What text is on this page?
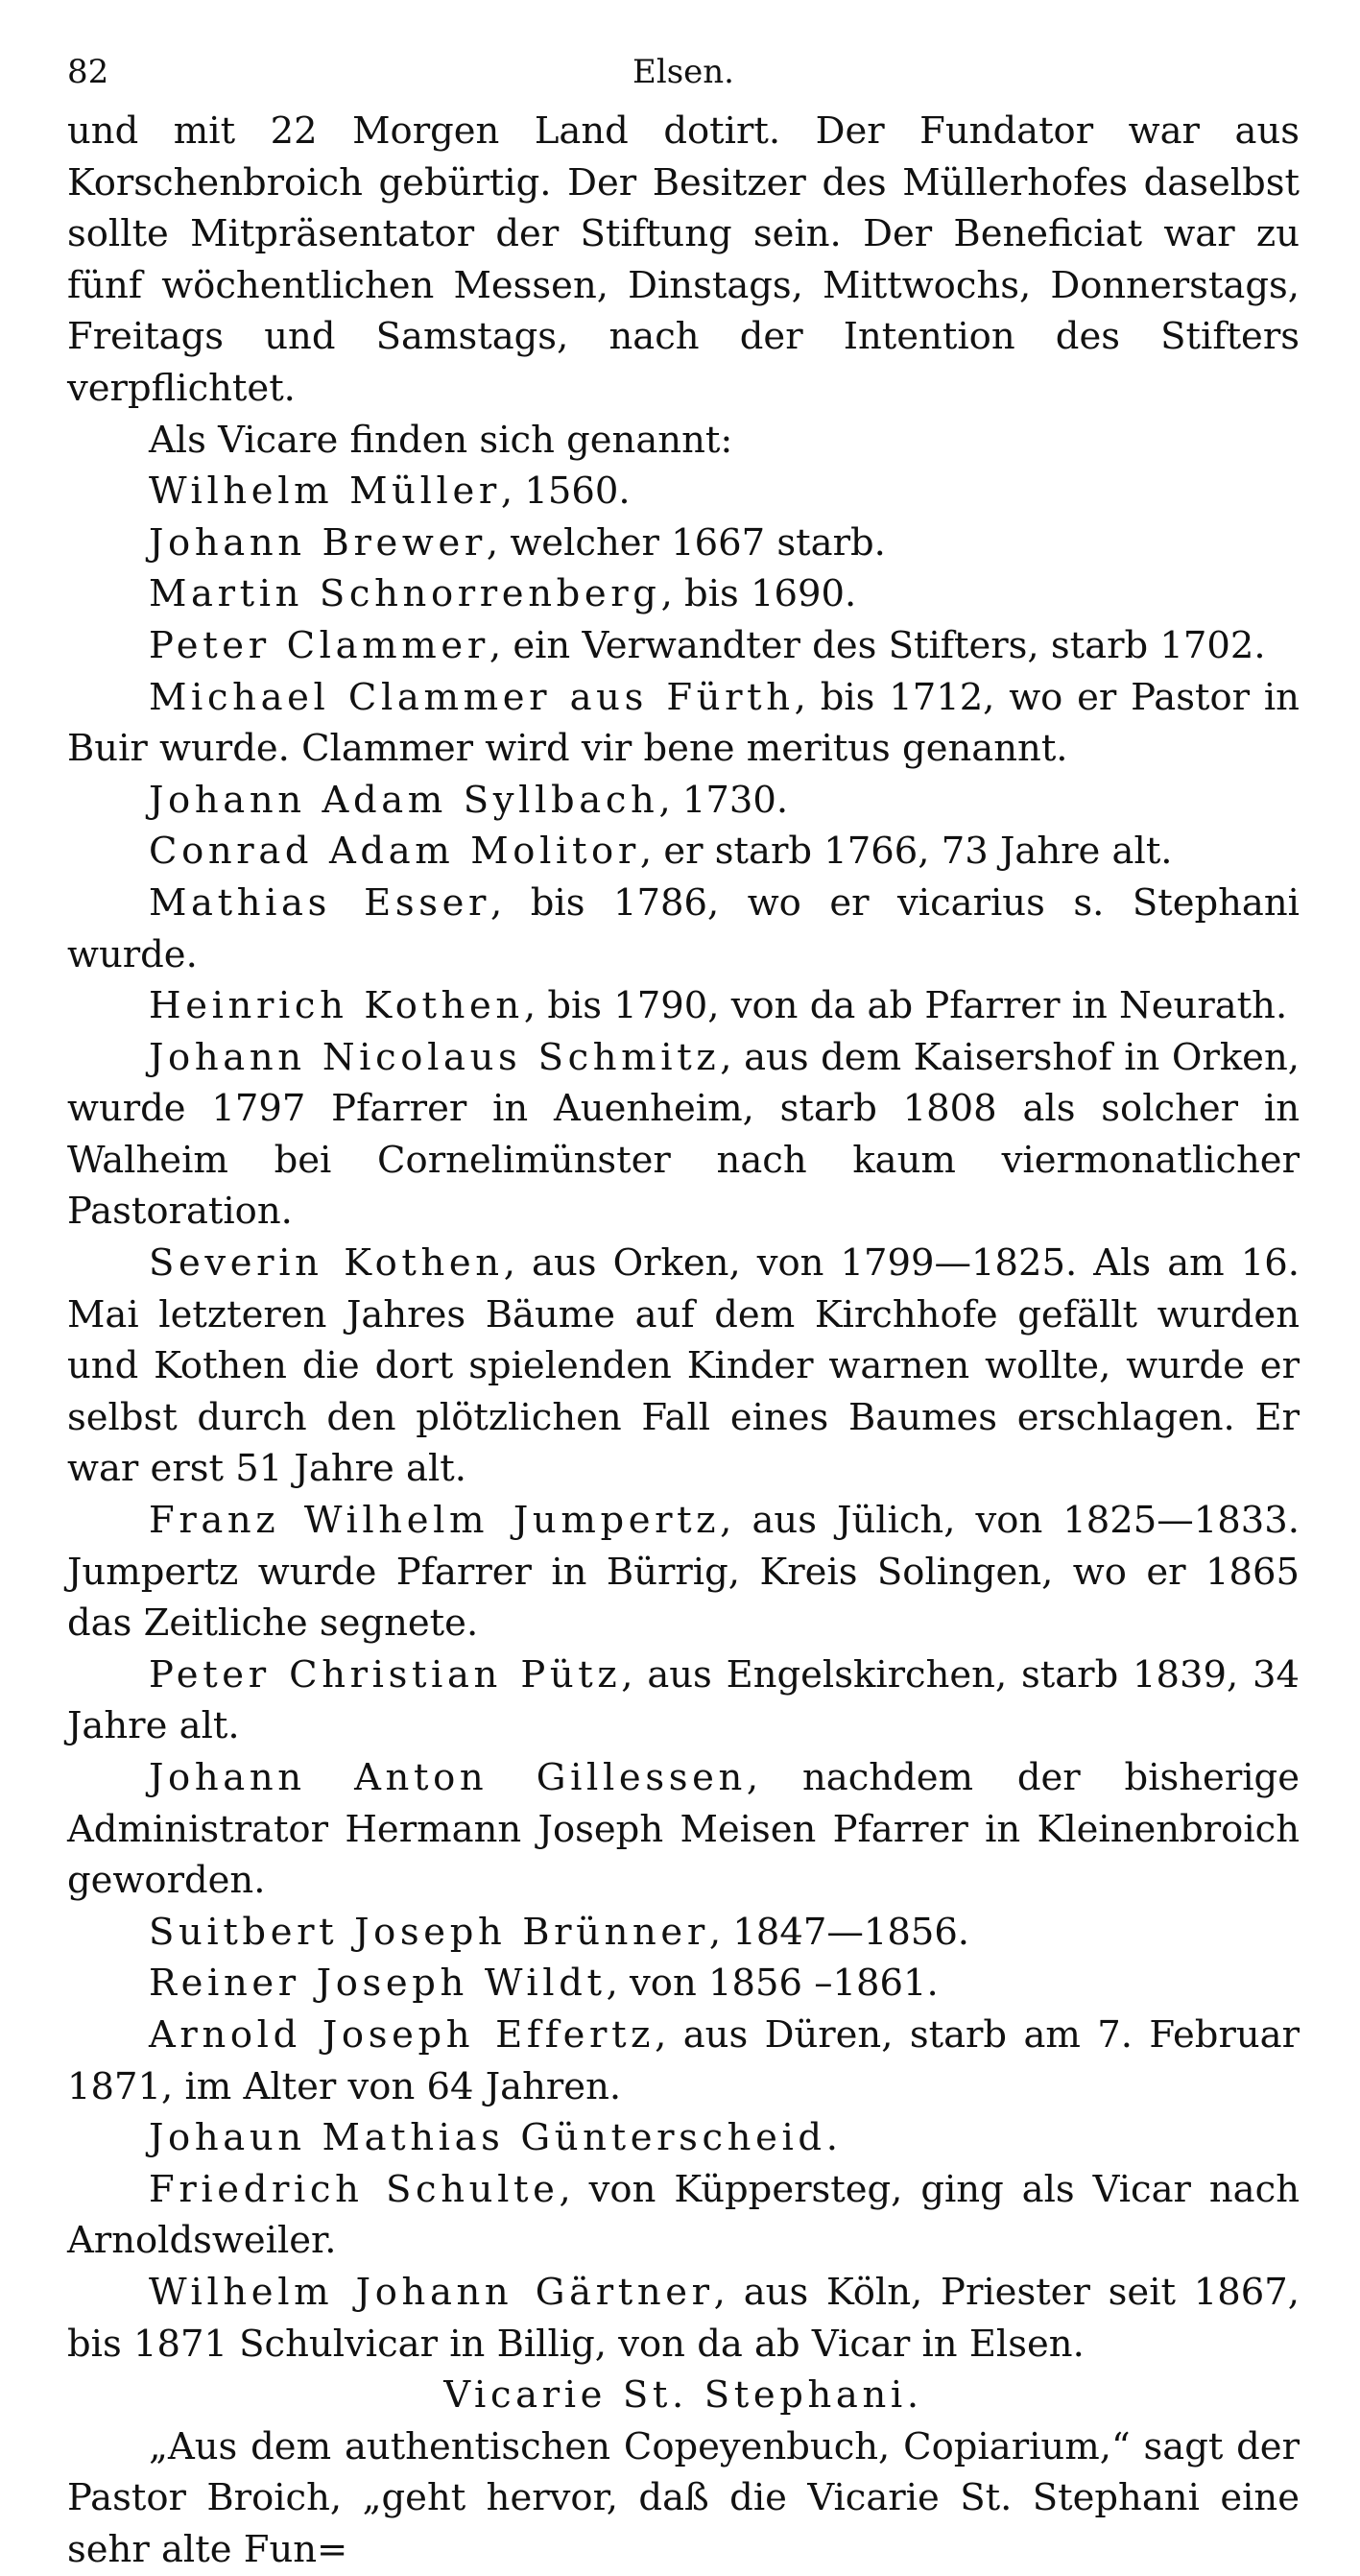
82	Elsen.

und mit 22 Morgen Land dotirt. Der Fundator war aus Korschenbroich gebürtig. Der Besitzer des Müllerhofes daselbst sollte Mitpräsentator der Stiftung sein. Der Beneficiat war zu fünf wöchentlichen Messen, Dinstags, Mittwochs, Donnerstags, Freitags und Samstags, nach der Intention des Stifters verpflichtet.

Als Vicare finden sich genannt:

Wilhelm Müller, 1560.

Johann Brewer, welcher 1667 starb.

Martin Schnorrenberg, bis 1690.

Peter Clammer, ein Verwandter des Stifters, starb 1702.

Michael Clammer aus Fürth, bis 1712, wo er Pastor in Buir wurde. Clammer wird vir bene meritus genannt.

Johann Adam Syllbach, 1730.

Conrad Adam Molitor, er starb 1766, 73 Jahre alt.

Mathias Esser, bis 1786, wo er vicarius s. Stephani wurde.

Heinrich Kothen, bis 1790, von da ab Pfarrer in Neurath.

Johann Nicolaus Schmitz, aus dem Kaisershof in Orken, wurde 1797 Pfarrer in Auenheim, starb 1808 als solcher in Walheim bei Cornelimünster nach kaum viermonatlicher Pastoration.

Severin Kothen, aus Orken, von 1799—1825. Als am 16. Mai letzteren Jahres Bäume auf dem Kirchhofe gefällt wurden und Kothen die dort spielenden Kinder warnen wollte, wurde er selbst durch den plötzlichen Fall eines Baumes erschlagen. Er war erst 51 Jahre alt.

Franz Wilhelm Jumpertz, aus Jülich, von 1825—1833. Jumpertz wurde Pfarrer in Bürrig, Kreis Solingen, wo er 1865 das Zeitliche segnete.

Peter Christian Pütz, aus Engelskirchen, starb 1839, 34 Jahre alt.

Johann Anton Gillessen, nachdem der bisherige Administrator Hermann Joseph Meisen Pfarrer in Kleinenbroich geworden.

Suitbert Joseph Brünner, 1847—1856.

Reiner Joseph Wildt, von 1856 –1861.

Arnold Joseph Effertz, aus Düren, starb am 7. Februar 1871, im Alter von 64 Jahren.

Johaun Mathias Günterscheid.

Friedrich Schulte, von Küppersteg, ging als Vicar nach Arnoldsweiler.

Wilhelm Johann Gärtner, aus Köln, Priester seit 1867, bis 1871 Schulvicar in Billig, von da ab Vicar in Elsen.

Vicarie St. Stephani.

„Aus dem authentischen Copeyenbuch, Copiarium,“ sagt der Pastor Broich, „geht hervor, daß die Vicarie St. Stephani eine sehr alte Fun=
